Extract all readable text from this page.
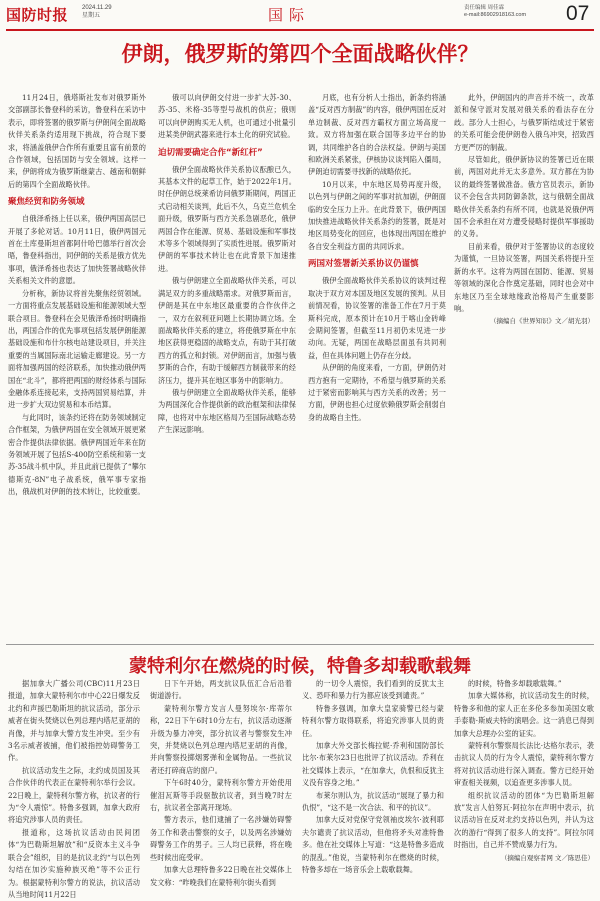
国防时报 2024.11.29
星期五	国际	责任编辑 周佳霖
e-mail:86902918163.com 07
伊朗，俄罗斯的第四个全面战略伙伴？

11月24日，俄塔斯社发布对俄罗斯外交部副部长鲁登科的采访，鲁登科在采访中表示，即将签署的俄罗斯与伊朗间全面战略伙伴关系条约适用现下挑战，符合现下要求，将涵盖俄伊合作所有重要且富有前景的合作领域，包括国防与安全领域。这样一来，伊朗将成为俄罗斯继蒙古、越南和朝鲜后的第四个全面战略伙伴。

聚焦经贸和防务领域

自俄泽希扬上任以来，俄伊两国高层已开展了多轮对话。10月11日，俄伊两国元首在土库曼斯坦首都阿什哈巴德举行首次会晤，鲁登科指出，同伊朗的关系是俄方优先事项，俄泽希扬也表达了加快签署战略伙伴关系相关文件的意愿。

分析称，新协议将首先聚焦经贸领域。一方面将重点发展基础设施和能源领域大型联合项目。鲁登科在会见俄泽希扬时明确指出，两国合作的优先事项包括发展伊朗能源基础设施和布什尔核电站建设项目，并关注重要的当属国际南北运输走廊建设。另一方面将加强两国的经济联系，加快推动俄伊两国在“北斗”，都将把两国的财经体系与国际金融体系连接起来，支持两国贸易结算，并进一步扩大双边贸易和本币结算。

与此同时，该条约还将在防务领域制定合作框架，为俄伊两国在安全领域开展更紧密合作提供法律依据。俄伊两国近年来在防务领域开展了包括S-400防空系统和第一支苏-35战斗机中队，并且此前已提供了“攀尔德斯克-8N”电子战系统，俄军事专家指出，俄战机对伊朗的技术转让，比较重要。

俄可以向伊朗交付进一步扩大苏-30、苏-35、米格-35等型号战机的供应；俄则可以向伊朗购买无人机，也可通过小批量引进某类伊朗武器来进行本土化的研究试验。

迫切需要确定合作“新红杆”

俄伊全面战略伙伴关系协议酝酿已久，其基本文件的起草工作，始于2022年1月。时任伊朗总统莱希访问俄罗斯期间，两国正式启动相关谈判，此后不久，乌克兰危机全面升级，俄罗斯与西方关系急剧恶化，俄伊两国合作在能源、贸易、基础设施和军事技术等多个领域得到了实质性进展。俄罗斯对伊朗的军事技术转让也在此背景下加速推进。

俄与伊朗建立全面战略伙伴关系，可以满足双方的多重战略需求。对俄罗斯而言，伊朗是其在中东地区最重要的合作伙伴之一，双方在叙利亚问题上长期协调立场。全面战略伙伴关系的建立，将使俄罗斯在中东地区获得更稳固的战略支点，有助于其打破西方的孤立和封锁。对伊朗而言，加强与俄罗斯的合作，有助于缓解西方制裁带来的经济压力，提升其在地区事务中的影响力。

俄与伊朗建立全面战略伙伴关系，能够为两国深化合作提供新的政治框架和法律保障，也将对中东地区格局乃至国际战略态势产生深远影响。

月底，也有分析人士指出，新条约将涵盖“反对西方制裁”的内容，俄伊两国在反对单边制裁、反对西方霸权方面立场高度一致。双方将加强在联合国等多边平台的协调，共同维护各自的合法权益。伊朗与美国和欧洲关系紧张，伊核协议谈判陷入僵局，伊朗迫切需要寻找新的战略依托。

10月以来，中东地区局势再度升级，以色列与伊朗之间的军事对抗加剧，伊朗面临的安全压力上升。在此背景下，俄伊两国加快推进战略伙伴关系条约的签署，既是对地区局势变化的回应，也体现出两国在维护各自安全利益方面的共同诉求。

两国对签署新关系协议仍谨慎

俄伊全面战略伙伴关系协议的谈判过程取决于双方对本国及地区发展的预判。从目前情况看，协议签署的准备工作在7月于莫斯科完成，原本预计在10月于喀山金砖峰会期间签署，但截至11月初仍未见进一步动向。无疑，两国在战略层面虽有共同利益，但在具体问题上仍存在分歧。

从伊朗的角度来看，一方面，伊朗仍对西方抱有一定期待，不希望与俄罗斯的关系过于紧密而影响其与西方关系的改善；另一方面，伊朗也担心过度依赖俄罗斯会削弱自身的战略自主性。

此外，伊朗国内的声音并不统一，改革派和保守派对发展对俄关系的看法存在分歧。部分人士担心，与俄罗斯结成过于紧密的关系可能会使伊朗卷入俄乌冲突，招致西方更严厉的制裁。

尽管如此，俄伊新协议的签署已近在眼前，两国对此并无太多意外。双方都在为协议的最终签署做准备。俄方官员表示，新协议不会包含共同防御条款，这与俄朝全面战略伙伴关系条约有所不同，也就是说俄伊两国不会承担在对方遭受侵略时提供军事援助的义务。

目前来看，俄伊对于签署协议的态度较为谨慎，一旦协议签署，两国关系将提升至新的水平。这将为两国在国防、能源、贸易等领域的深化合作奠定基础，同时也会对中东地区乃至全球地缘政治格局产生重要影响。

（摘编自《世界知识》文／胡光羽）

蒙特利尔在燃烧的时候，特鲁多却载歌载舞

据加拿大广播公司(CBC)11月23日报道，加拿大蒙特利尔市中心22日爆发反北约和声援巴勒斯坦的抗议活动，部分示威者在街头焚烧以色列总理内塔尼亚胡的肖像，并与加拿大警方发生冲突。至少有3名示威者被捕，他们被指控妨碍警务工作。

抗议活动发生之际，北约成员国及其合作伙伴的代表正在蒙特利尔举行会议。22日晚上，蒙特利尔警方称，抗议者的行为“令人震惊”。特鲁多强调，加拿大政府将追究涉事人员的责任。

报道称，这场抗议活动由民间团体“为巴勒斯坦解放”和“反资本主义斗争联合会”组织，目的是抗议北约“与以色列勾结在加沙实施种族灭绝”等不公正行为。根据蒙特利尔警方的说法，抗议活动从当地时间11月22日

日下午开始，两支抗议队伍汇合后沿着街道游行。

蒙特利尔警方发言人曼努埃尔·库蒂尔称，22日下午6时10分左右，抗议活动逐渐升级为暴力冲突，部分抗议者与警察发生冲突，并焚烧以色列总理内塔尼亚胡的肖像，并向警察投掷烟雾弹和金属物品。一些抗议者还打碎商店的窗户。

下午6时40分，蒙特利尔警方开始使用催泪瓦斯等手段驱散抗议者，到当晚7时左右，抗议者全部离开现场。

警方表示，他们逮捕了一名涉嫌妨碍警务工作和袭击警察的女子，以及两名涉嫌妨碍警务工作的男子。三人均已获释，将在晚些时候出庭受审。

加拿大总理特鲁多22日晚在社交媒体上发文称：“昨晚我们在蒙特利尔街头看到

的一切令人震惊，我们看到的反犹太主义、恐吓和暴力行为都应该受到谴责。”

特鲁多强调，加拿大皇家骑警已经与蒙特利尔警方取得联系，将追究涉事人员的责任。

加拿大外交部长梅拉妮·乔利和国防部长比尔·布莱尔23日也批评了抗议活动。乔利在社交媒体上表示，“在加拿大，仇恨和反犹主义没有容身之地。”

布莱尔则认为，抗议活动“展现了暴力和仇恨”，“这不是一次合法、和平的抗议”。

加拿大反对党保守党领袖皮埃尔·波利耶夫尔谴责了抗议活动，但他将矛头对准特鲁多。他在社交媒体上写道：“这是特鲁多造成的混乱。”他说，当蒙特利尔在燃烧的时候，特鲁多却在一场音乐会上载歌载舞。

的时候，特鲁多却载歌载舞。”

加拿大媒体称，抗议活动发生的时候，特鲁多和他的家人正在多伦多参加美国女歌手泰勒·斯威夫特的演唱会。这一消息已得到加拿大总理办公室的证实。

蒙特利尔警察局长法比·达格尔表示，袭击抗议人员的行为令人震惊，蒙特利尔警方将对抗议活动进行深入调查。警方已经开始审查相关视频，以追查更多涉事人员。

组织抗议活动的团体“为巴勒斯坦解放”发言人伯努瓦·阿拉尔在声明中表示，抗议活动旨在反对北约支持以色列，并认为这次的游行“得到了很多人的支持”。阿拉尔同时指出，自己并不赞成暴力行为。

（摘编自观察者网 文／陈思佳）
